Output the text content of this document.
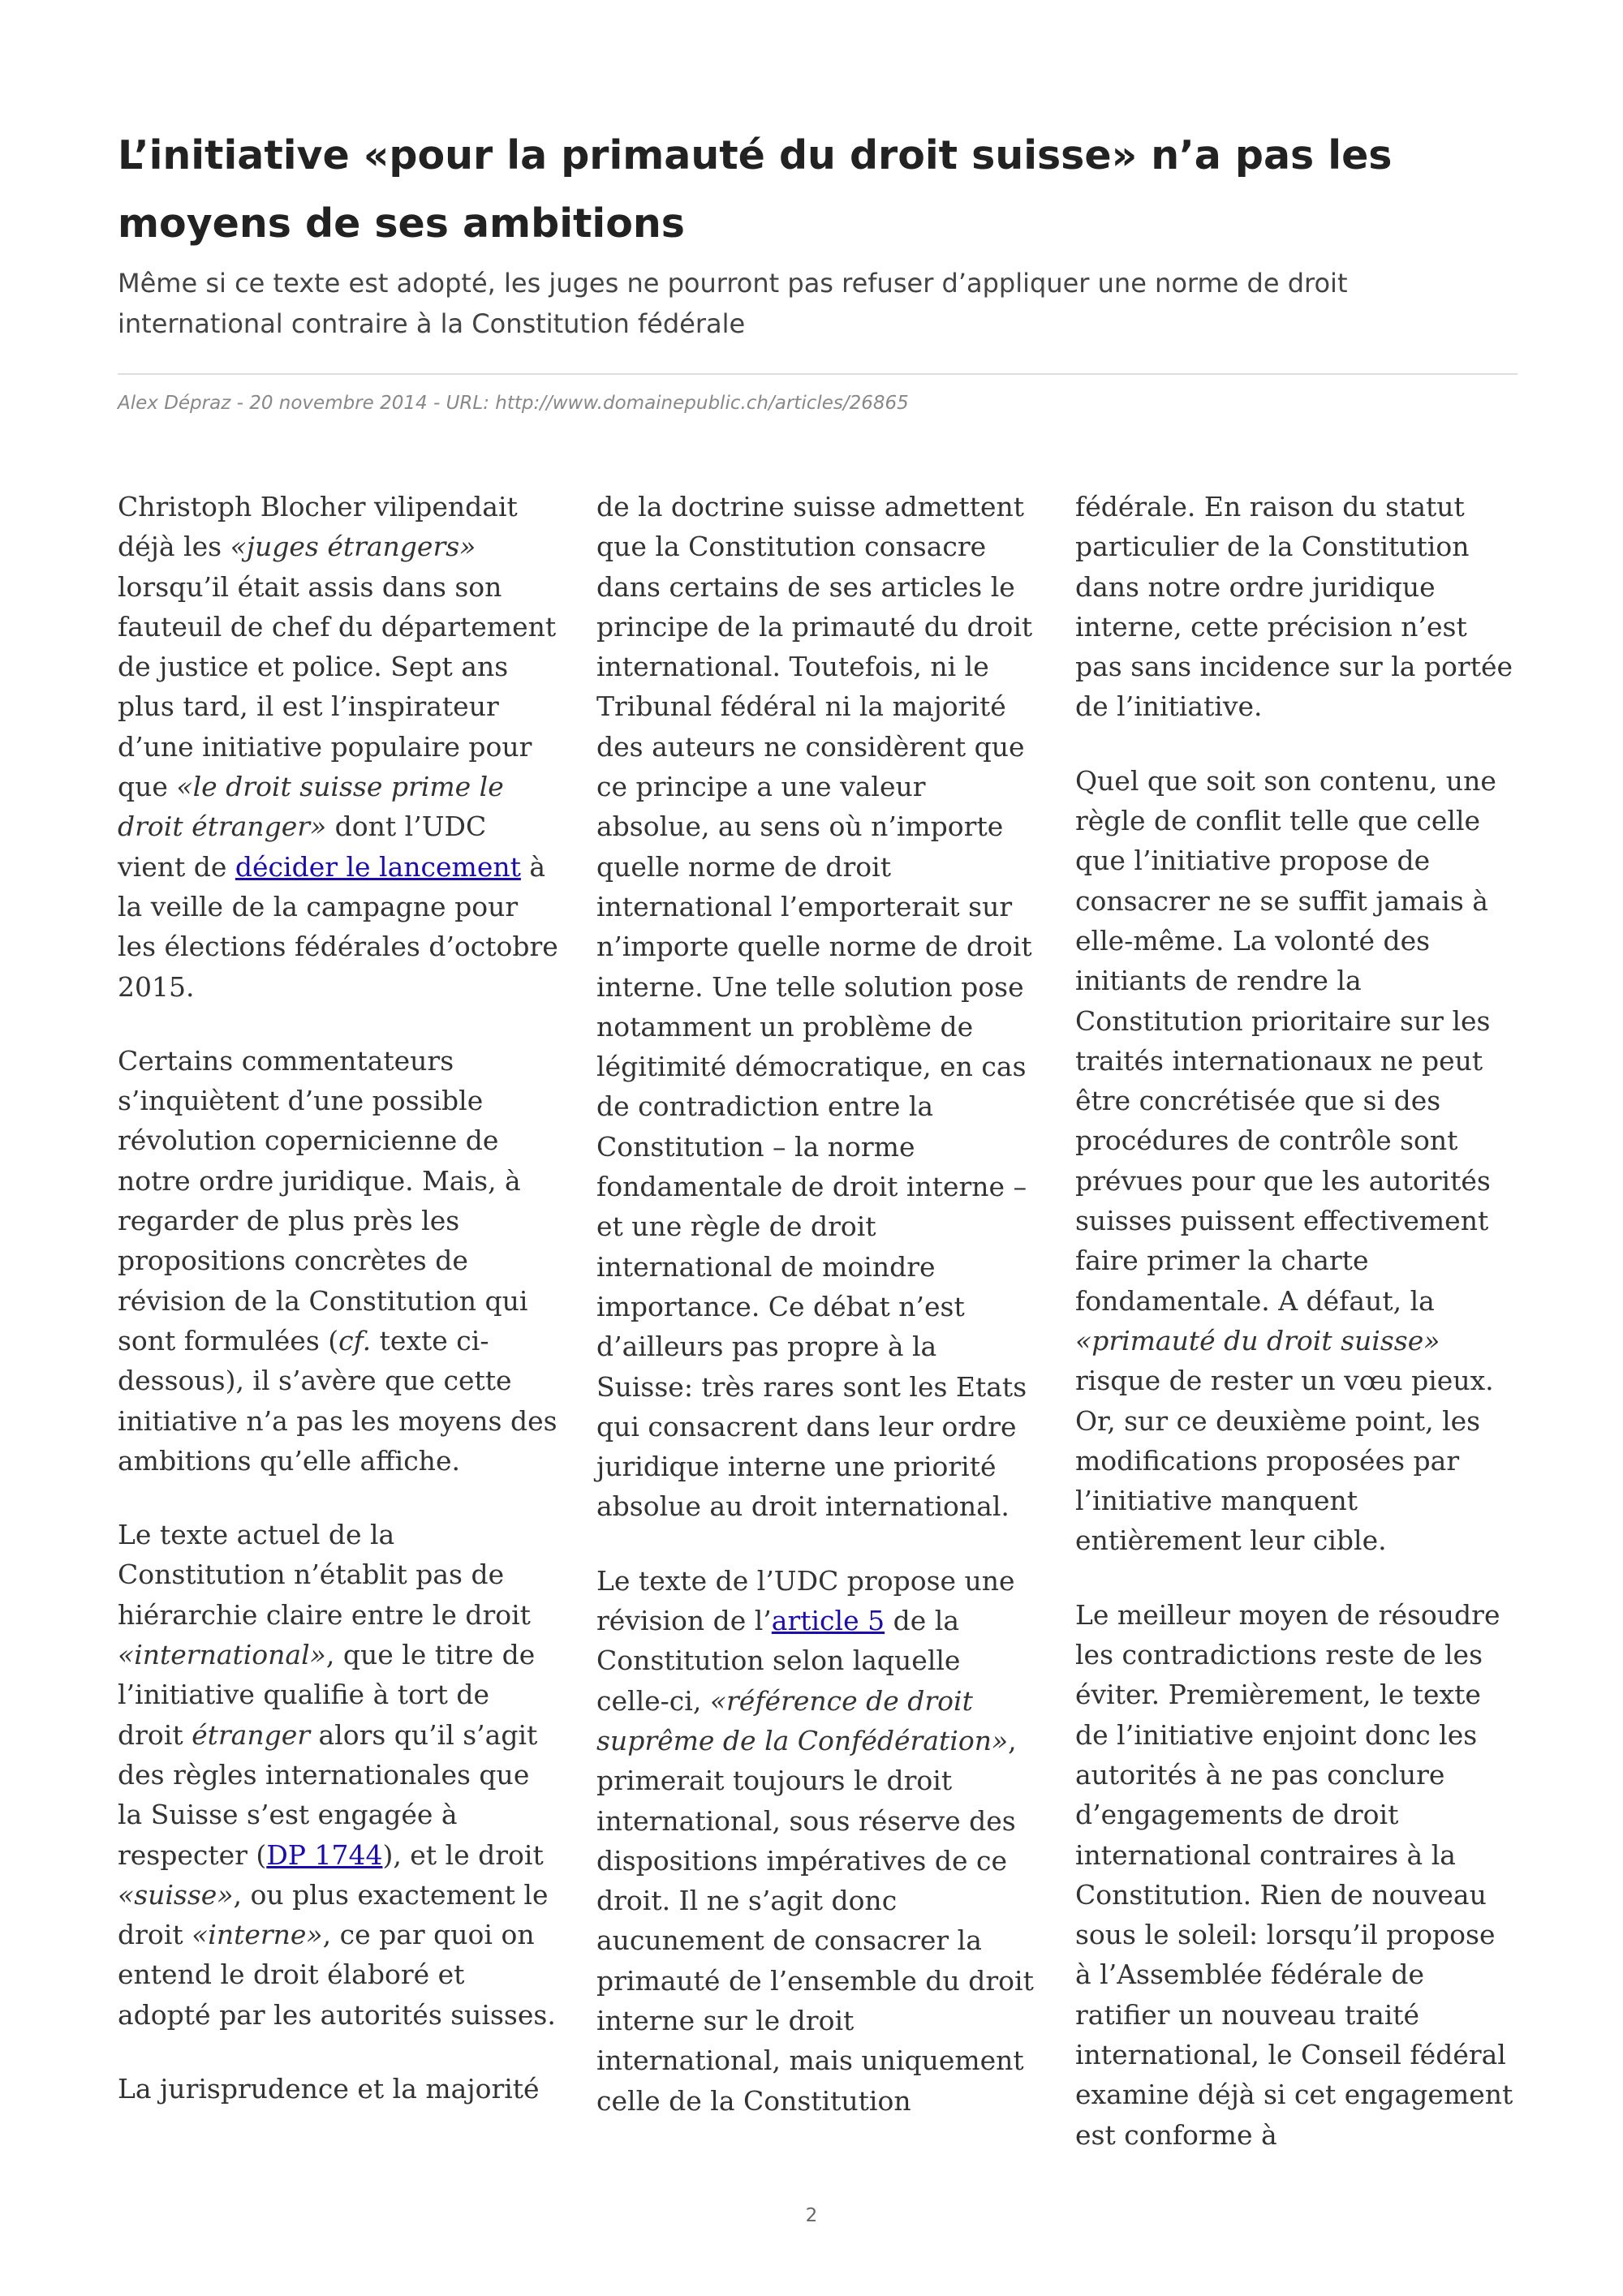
L’initiative «pour la primauté du droit suisse» n’a pas les moyens de ses ambitions

Même si ce texte est adopté, les juges ne pourront pas refuser d’appliquer une norme de droit international contraire à la Constitution fédérale

Alex Dépraz - 20 novembre 2014 - URL: http://www.domainepublic.ch/articles/26865

Christoph Blocher vilipendait déjà les «juges étrangers» lorsqu’il était assis dans son fauteuil de chef du département de justice et police. Sept ans plus tard, il est l’inspirateur d’une initiative populaire pour que «le droit suisse prime le droit étranger» dont l’UDC vient de décider le lancement à la veille de la campagne pour les élections fédérales d’octobre 2015.

Certains commentateurs s’inquiètent d’une possible révolution copernicienne de notre ordre juridique. Mais, à regarder de plus près les propositions concrètes de révision de la Constitution qui sont formulées (cf. texte ci-dessous), il s’avère que cette initiative n’a pas les moyens des ambitions qu’elle affiche.

Le texte actuel de la Constitution n’établit pas de hiérarchie claire entre le droit «international», que le titre de l’initiative qualifie à tort de droit étranger alors qu’il s’agit des règles internationales que la Suisse s’est engagée à respecter (DP 1744), et le droit «suisse», ou plus exactement le droit «interne», ce par quoi on entend le droit élaboré et adopté par les autorités suisses.

La jurisprudence et la majorité

de la doctrine suisse admettent que la Constitution consacre dans certains de ses articles le principe de la primauté du droit international. Toutefois, ni le Tribunal fédéral ni la majorité des auteurs ne considèrent que ce principe a une valeur absolue, au sens où n’importe quelle norme de droit international l’emporterait sur n’importe quelle norme de droit interne. Une telle solution pose notamment un problème de légitimité démocratique, en cas de contradiction entre la Constitution – la norme fondamentale de droit interne – et une règle de droit international de moindre importance. Ce débat n’est d’ailleurs pas propre à la Suisse: très rares sont les Etats qui consacrent dans leur ordre juridique interne une priorité absolue au droit international.

Le texte de l’UDC propose une révision de l’article 5 de la Constitution selon laquelle celle-ci, «référence de droit suprême de la Confédération», primerait toujours le droit international, sous réserve des dispositions impératives de ce droit. Il ne s’agit donc aucunement de consacrer la primauté de l’ensemble du droit interne sur le droit international, mais uniquement celle de la Constitution

fédérale. En raison du statut particulier de la Constitution dans notre ordre juridique interne, cette précision n’est pas sans incidence sur la portée de l’initiative.

Quel que soit son contenu, une règle de conflit telle que celle que l’initiative propose de consacrer ne se suffit jamais à elle-même. La volonté des initiants de rendre la Constitution prioritaire sur les traités internationaux ne peut être concrétisée que si des procédures de contrôle sont prévues pour que les autorités suisses puissent effectivement faire primer la charte fondamentale. A défaut, la «primauté du droit suisse» risque de rester un vœu pieux. Or, sur ce deuxième point, les modifications proposées par l’initiative manquent entièrement leur cible.

Le meilleur moyen de résoudre les contradictions reste de les éviter. Premièrement, le texte de l’initiative enjoint donc les autorités à ne pas conclure d’engagements de droit international contraires à la Constitution. Rien de nouveau sous le soleil: lorsqu’il propose à l’Assemblée fédérale de ratifier un nouveau traité international, le Conseil fédéral examine déjà si cet engagement est conforme à

2
